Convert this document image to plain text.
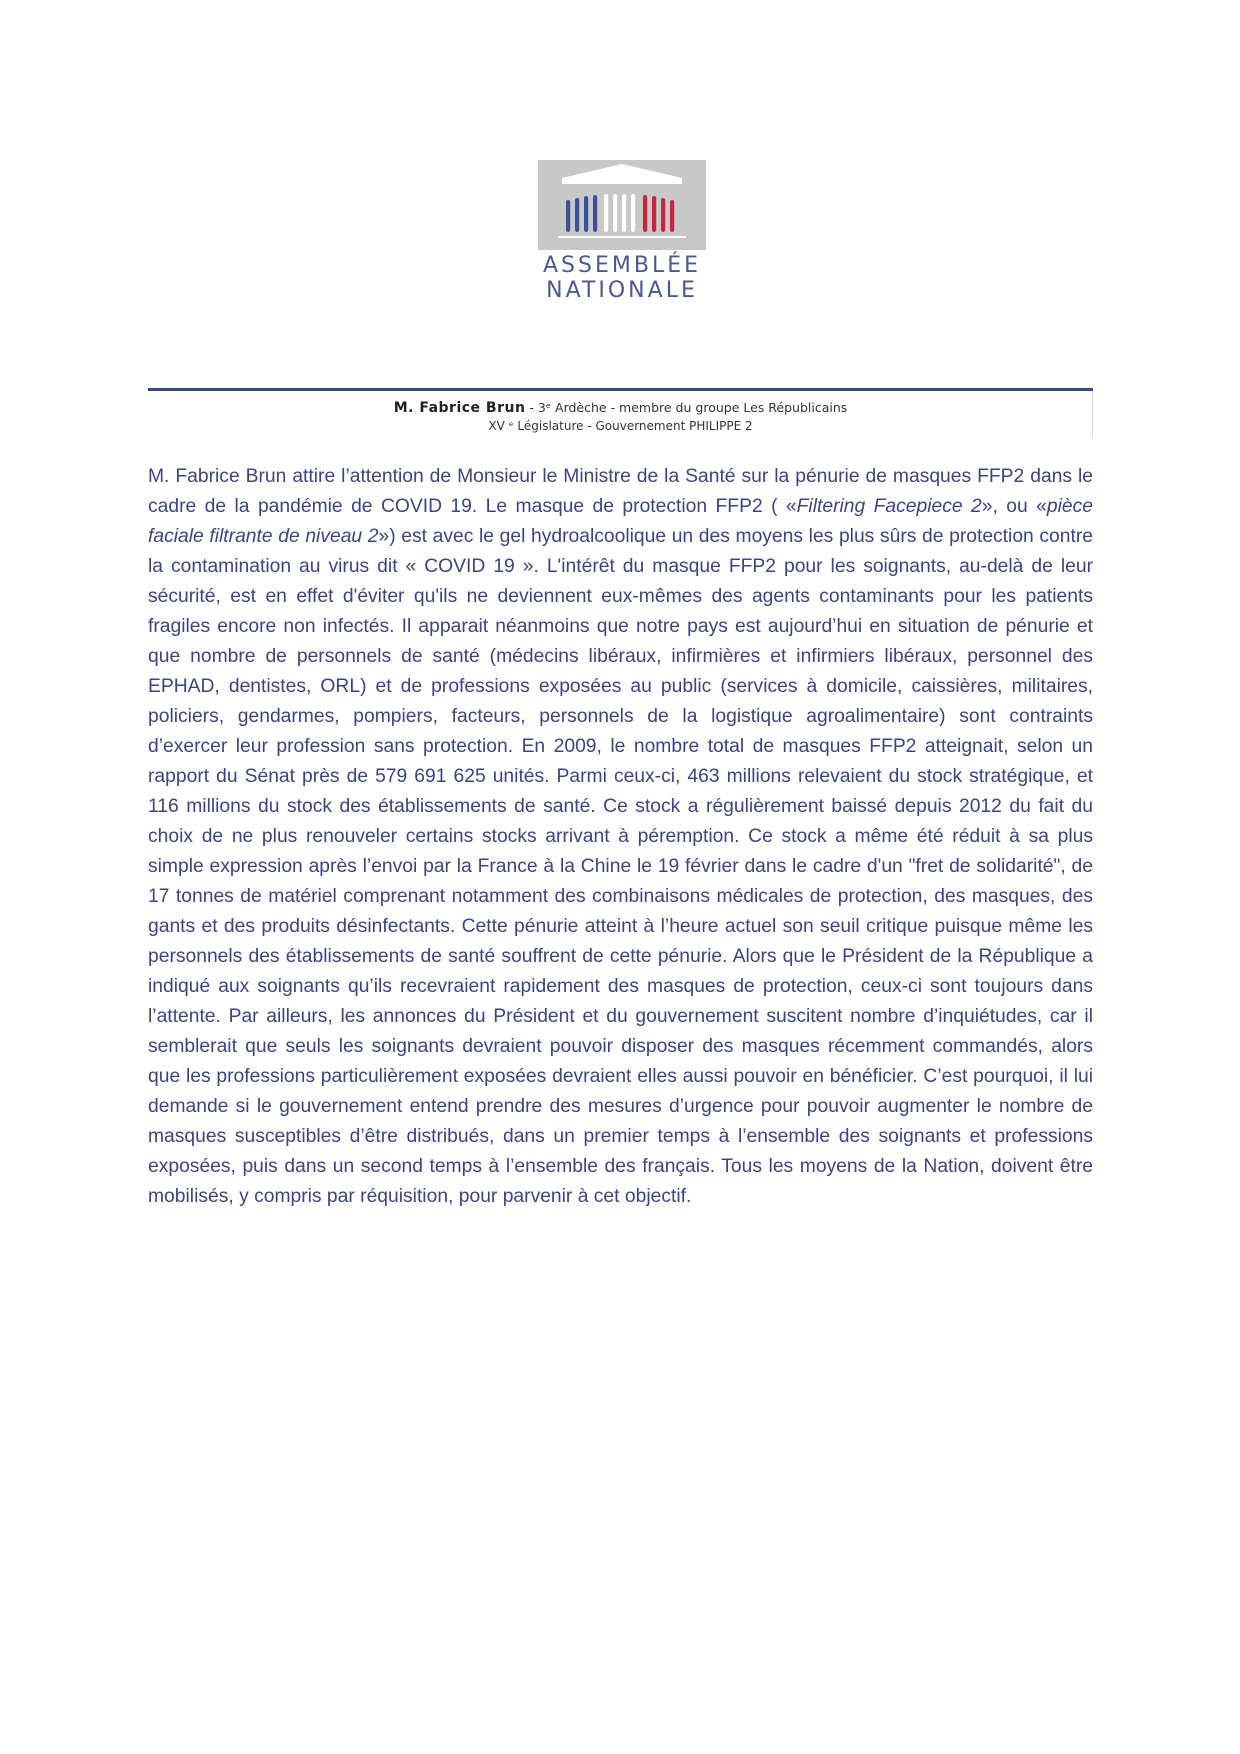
ASSEMBLÉE
NATIONALE
M. Fabrice Brun - 3ᵉ Ardèche - membre du groupe Les Républicains
XV ᵉ Législature - Gouvernement PHILIPPE 2

M. Fabrice Brun attire l’attention de Monsieur le Ministre de la Santé sur la pénurie de masques FFP2 dans le cadre de la pandémie de COVID 19. Le masque de protection FFP2 ( «Filtering Facepiece 2», ou «pièce faciale filtrante de niveau 2») est avec le gel hydroalcoolique un des moyens les plus sûrs de protection contre la contamination au virus dit « COVID 19 ». L'intérêt du masque FFP2 pour les soignants, au-delà de leur sécurité, est en effet d'éviter qu'ils ne deviennent eux-mêmes des agents contaminants pour les patients fragiles encore non infectés. Il apparait néanmoins que notre pays est aujourd’hui en situation de pénurie et que nombre de personnels de santé (médecins libéraux, infirmières et infirmiers libéraux, personnel des EPHAD, dentistes, ORL) et de professions exposées au public (services à domicile, caissières, militaires, policiers, gendarmes, pompiers, facteurs, personnels de la logistique agroalimentaire) sont contraints d’exercer leur profession sans protection. En 2009, le nombre total de masques FFP2 atteignait, selon un rapport du Sénat près de 579 691 625 unités. Parmi ceux-ci, 463 millions relevaient du stock stratégique, et 116 millions du stock des établissements de santé. Ce stock a régulièrement baissé depuis 2012 du fait du choix de ne plus renouveler certains stocks arrivant à péremption. Ce stock a même été réduit à sa plus simple expression après l’envoi par la France à la Chine le 19 février dans le cadre d'un "fret de solidarité", de 17 tonnes de matériel comprenant notamment des combinaisons médicales de protection, des masques, des gants et des produits désinfectants. Cette pénurie atteint à l’heure actuel son seuil critique puisque même les personnels des établissements de santé souffrent de cette pénurie. Alors que le Président de la République a indiqué aux soignants qu’ils recevraient rapidement des masques de protection, ceux-ci sont toujours dans l’attente. Par ailleurs, les annonces du Président et du gouvernement suscitent nombre d’inquiétudes, car il semblerait que seuls les soignants devraient pouvoir disposer des masques récemment commandés, alors que les professions particulièrement exposées devraient elles aussi pouvoir en bénéficier. C’est pourquoi, il lui demande si le gouvernement entend prendre des mesures d’urgence pour pouvoir augmenter le nombre de masques susceptibles d’être distribués, dans un premier temps à l’ensemble des soignants et professions exposées, puis dans un second temps à l’ensemble des français. Tous les moyens de la Nation, doivent être mobilisés, y compris par réquisition, pour parvenir à cet objectif.
